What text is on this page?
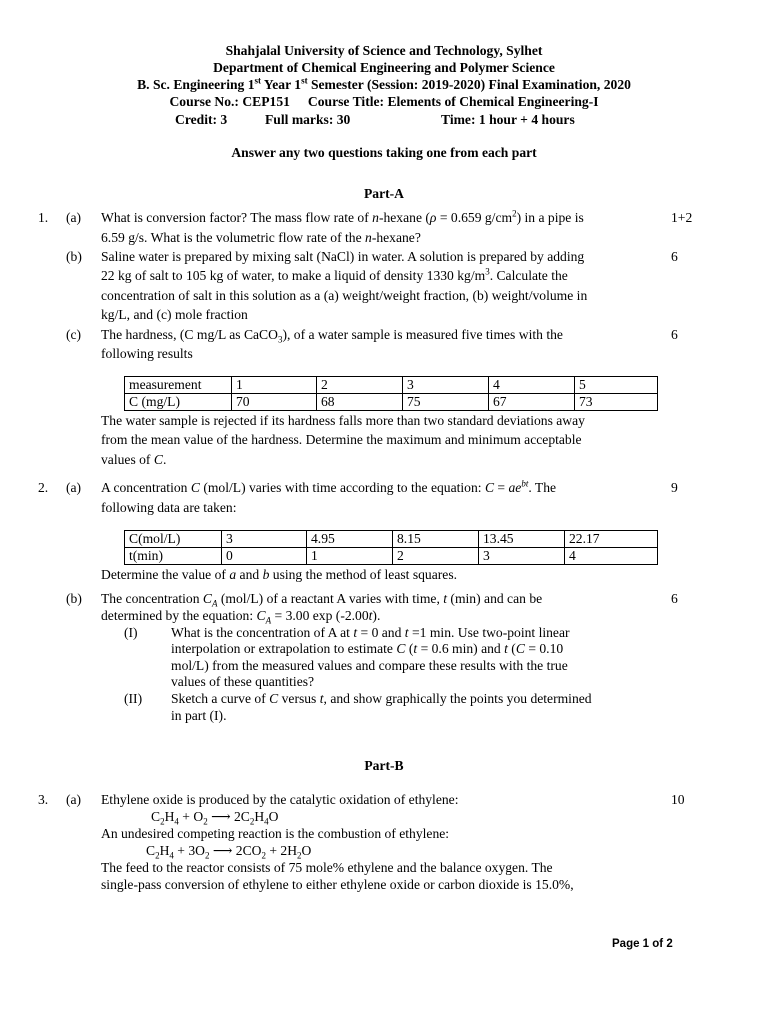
Shahjalal University of Science and Technology, Sylhet
Department of Chemical Engineering and Polymer Science
B. Sc. Engineering 1st Year 1st Semester (Session: 2019-2020) Final Examination, 2020
Course No.: CEP151 Course Title: Elements of Chemical Engineering-I
Credit: 3	Full marks: 30	Time: 1 hour + 4 hours
Answer any two questions taking one from each part
Part-A
1. (a) What is conversion factor? The mass flow rate of n-hexane (ρ = 0.659 $g/cm^2$) in a pipe is	1+2
6.59 g/s. What is the volumetric flow rate of the n-hexane?
(b) Saline water is prepared by mixing salt (NaCl) in water. A solution is prepared by adding	6
22 kg of salt to 105 kg of water, to make a liquid of density 1330 $kg/m^3$. Calculate the
concentration of salt in this solution as a (a) weight/weight fraction, (b) weight/volume in
kg/L, and (c) mole fraction
(c) The hardness, (C mg/L as CaCO$_3$), of a water sample is measured five times with the	6
following results
measurement	1	2	3	4	5
C (mg/L)	70	68	75	67	73
The water sample is rejected if its hardness falls more than two standard deviations away
from the mean value of the hardness. Determine the maximum and minimum acceptable
values of C.
2. (a) A concentration C (mol/L) varies with time according to the equation: $C = ae^{bt}$. The	9
following data are taken:
C(mol/L)	3	4.95	8.15	13.45	22.17
t(min)	0	1	2	3	4
Determine the value of a and b using the method of least squares.
(b) The concentration $C_A$ (mol/L) of a reactant A varies with time, t (min) and can be	6
determined by the equation: $C_A = 3.00$ exp (-2.00t).
(I) What is the concentration of A at t = 0 and t =1 min. Use two-point linear
interpolation or extrapolation to estimate C (t = 0.6 min) and t (C = 0.10
mol/L) from the measured values and compare these results with the true
values of these quantities?
(II) Sketch a curve of C versus t, and show graphically the points you determined
in part (I).
Part-B
3. (a) Ethylene oxide is produced by the catalytic oxidation of ethylene:	10
$C_2H_4 + O_2$ ⟶ $2C_2H_4O$
An undesired competing reaction is the combustion of ethylene:
$C_2H_4 + 3O_2$ ⟶ $2CO_2 + 2H_2O$
The feed to the reactor consists of 75 mole% ethylene and the balance oxygen. The
single-pass conversion of ethylene to either ethylene oxide or carbon dioxide is 15.0%,
Page 1 of 2
